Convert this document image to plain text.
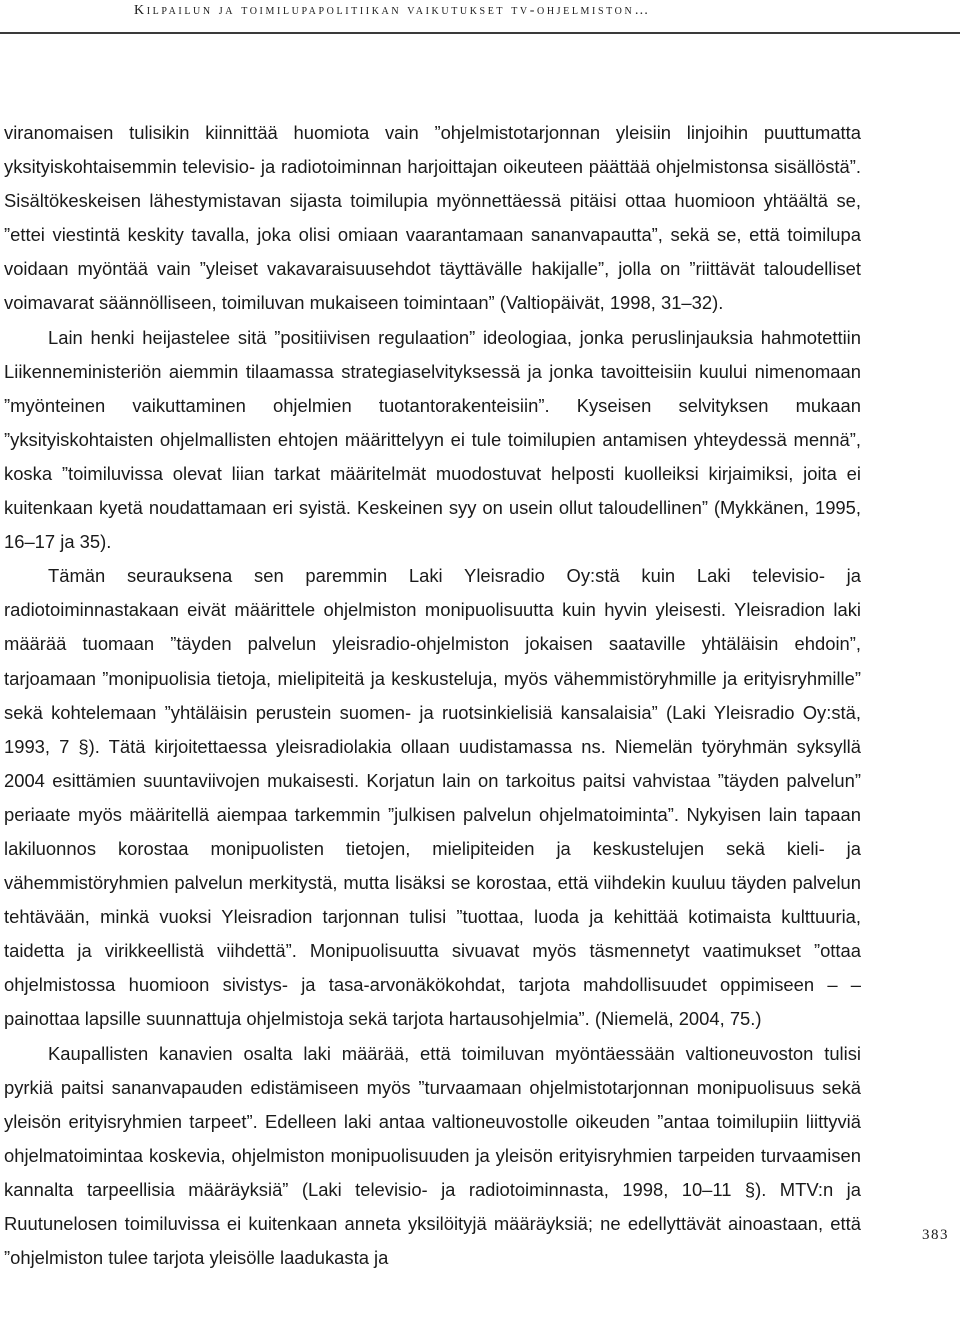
Kilpailun ja toimilupapolitiikan vaikutukset tv-ohjelmiston…

viranomaisen tulisikin kiinnittää huomiota vain ”ohjelmistotarjonnan yleisiin linjoihin puuttumatta yksityiskohtaisemmin televisio- ja radiotoiminnan harjoittajan oikeuteen päättää ohjelmistonsa sisällöstä”. Sisältökeskeisen lähestymistavan sijasta toimilupia myönnettäessä pitäisi ottaa huomioon yhtäältä se, ”ettei viestintä keskity tavalla, joka olisi omiaan vaarantamaan sananvapautta”, sekä se, että toimilupa voidaan myöntää vain ”yleiset vakavaraisuusehdot täyttävälle hakijalle”, jolla on ”riittävät taloudelliset voimavarat säännölliseen, toimiluvan mukaiseen toimintaan” (Valtiopäivät, 1998, 31–32).

Lain henki heijastelee sitä ”positiivisen regulaation” ideologiaa, jonka peruslinjauksia hahmotettiin Liikenneministeriön aiemmin tilaamassa strategiaselvityksessä ja jonka tavoitteisiin kuului nimenomaan ”myönteinen vaikuttaminen ohjelmien tuotantorakenteisiin”. Kyseisen selvityksen mukaan ”yksityiskohtaisten ohjelmallisten ehtojen määrittelyyn ei tule toimilupien antamisen yhteydessä mennä”, koska ”toimiluvissa olevat liian tarkat määritelmät muodostuvat helposti kuolleiksi kirjaimiksi, joita ei kuitenkaan kyetä noudattamaan eri syistä. Keskeinen syy on usein ollut taloudellinen” (Mykkänen, 1995, 16–17 ja 35).

Tämän seurauksena sen paremmin Laki Yleisradio Oy:stä kuin Laki televisio- ja radiotoiminnastakaan eivät määrittele ohjelmiston monipuolisuutta kuin hyvin yleisesti. Yleisradion laki määrää tuomaan ”täyden palvelun yleisradio-ohjelmiston jokaisen saataville yhtäläisin ehdoin”, tarjoamaan ”monipuolisia tietoja, mielipiteitä ja keskusteluja, myös vähemmistöryhmille ja erityisryhmille” sekä kohtelemaan ”yhtäläisin perustein suomen- ja ruotsinkielisiä kansalaisia” (Laki Yleisradio Oy:stä, 1993, 7 §). Tätä kirjoitettaessa yleisradiolakia ollaan uudistamassa ns. Niemelän työryhmän syksyllä 2004 esittämien suuntaviivojen mukaisesti. Korjatun lain on tarkoitus paitsi vahvistaa ”täyden palvelun” periaate myös määritellä aiempaa tarkemmin ”julkisen palvelun ohjelmatoiminta”. Nykyisen lain tapaan lakiluonnos korostaa monipuolisten tietojen, mielipiteiden ja keskustelujen sekä kieli- ja vähemmistöryhmien palvelun merkitystä, mutta lisäksi se korostaa, että viihdekin kuuluu täyden palvelun tehtävään, minkä vuoksi Yleisradion tarjonnan tulisi ”tuottaa, luoda ja kehittää kotimaista kulttuuria, taidetta ja virikkeellistä viihdettä”. Monipuolisuutta sivuavat myös täsmennetyt vaatimukset ”ottaa ohjelmistossa huomioon sivistys- ja tasa-arvonäkökohdat, tarjota mahdollisuudet oppimiseen – – painottaa lapsille suunnattuja ohjelmistoja sekä tarjota hartausohjelmia”. (Niemelä, 2004, 75.)

Kaupallisten kanavien osalta laki määrää, että toimiluvan myöntäessään valtioneuvoston tulisi pyrkiä paitsi sananvapauden edistämiseen myös ”turvaamaan ohjelmistotarjonnan monipuolisuus sekä yleisön erityisryhmien tarpeet”. Edelleen laki antaa valtioneuvostolle oikeuden ”antaa toimilupiin liittyviä ohjelmatoimintaa koskevia, ohjelmiston monipuolisuuden ja yleisön erityisryhmien tarpeiden turvaamisen kannalta tarpeellisia määräyksiä” (Laki televisio- ja radiotoiminnasta, 1998, 10–11 §). MTV:n ja Ruutunelosen toimiluvissa ei kuitenkaan anneta yksilöityjä määräyksiä; ne edellyttävät ainoastaan, että ”ohjelmiston tulee tarjota yleisölle laadukasta ja

383
